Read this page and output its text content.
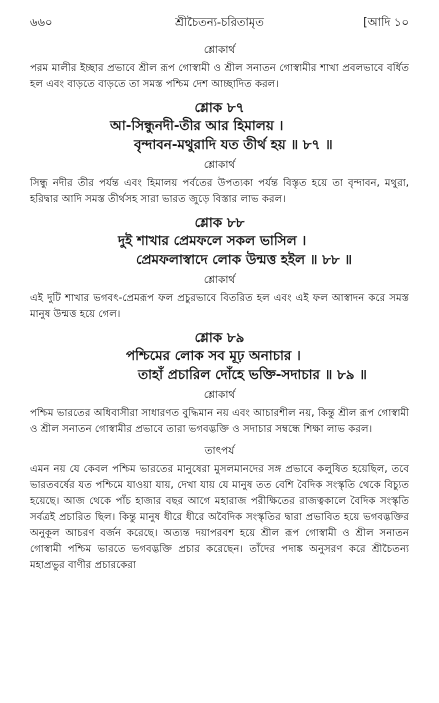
৬৬০	শ্রীচৈতন্য-চরিতামৃত	[আদি ১০

শ্লোকার্থ

পরম মালীর ইচ্ছার প্রভাবে শ্রীল রূপ গোস্বামী ও শ্রীল সনাতন গোস্বামীর শাখা প্রবলভাবে বর্ধিত হল এবং বাড়তে বাড়তে তা সমস্ত পশ্চিম দেশ আচ্ছাদিত করল।

শ্লোক ৮৭

আ-সিন্ধুনদী-তীর আর হিমালয় ।

বৃন্দাবন-মথুরাদি যত তীর্থ হয় ॥ ৮৭ ॥

শ্লোকার্থ

সিন্ধু নদীর তীর পর্যন্ত এবং হিমালয় পর্বতের উপত্যকা পর্যন্ত বিস্তৃত হয়ে তা বৃন্দাবন, মথুরা, হরিদ্বার আদি সমস্ত তীর্থসহ সারা ভারত জুড়ে বিস্তার লাভ করল।

শ্লোক ৮৮

দুই শাখার প্রেমফলে সকল ভাসিল ।

প্রেমফলাস্বাদে লোক উন্মত্ত হইল ॥ ৮৮ ॥

শ্লোকার্থ

এই দুটি শাখার ভগবৎ-প্রেমরূপ ফল প্রচুরভাবে বিতরিত হল এবং এই ফল আস্বাদন করে সমস্ত মানুষ উন্মত্ত হয়ে গেল।

শ্লোক ৮৯

পশ্চিমের লোক সব মূঢ় অনাচার ।

তাহাঁ প্রচারিল দোঁহে ভক্তি-সদাচার ॥ ৮৯ ॥

শ্লোকার্থ

পশ্চিম ভারতের অধিবাসীরা সাধারণত বুদ্ধিমান নয় এবং আচারশীল নয়, কিন্তু শ্রীল রূপ গোস্বামী ও শ্রীল সনাতন গোস্বামীর প্রভাবে তারা ভগবদ্ভক্তি ও সদাচার সম্বন্ধে শিক্ষা লাভ করল।

তাৎপর্য

এমন নয় যে কেবল পশ্চিম ভারতের মানুষেরা মুসলমানদের সঙ্গ প্রভাবে কলুষিত হয়েছিল, তবে ভারতবর্ষের যত পশ্চিমে যাওয়া যায়, দেখা যায় যে মানুষ তত বেশি বৈদিক সংস্কৃতি থেকে বিচ্যুত হয়েছে। আজ থেকে পাঁচ হাজার বছর আগে মহারাজ পরীক্ষিতের রাজত্বকালে বৈদিক সংস্কৃতি সর্বত্রই প্রচারিত ছিল। কিন্তু মানুষ ধীরে ধীরে অবৈদিক সংস্কৃতির দ্বারা প্রভাবিত হয়ে ভগবদ্ভক্তির অনুকূল আচরণ বর্জন করেছে। অত্যন্ত দয়াপরবশ হয়ে শ্রীল রূপ গোস্বামী ও শ্রীল সনাতন গোস্বামী পশ্চিম ভারতে ভগবদ্ভক্তি প্রচার করেছেন। তাঁদের পদাঙ্ক অনুসরণ করে শ্রীচৈতন্য মহাপ্রভুর বাণীর প্রচারকেরা
